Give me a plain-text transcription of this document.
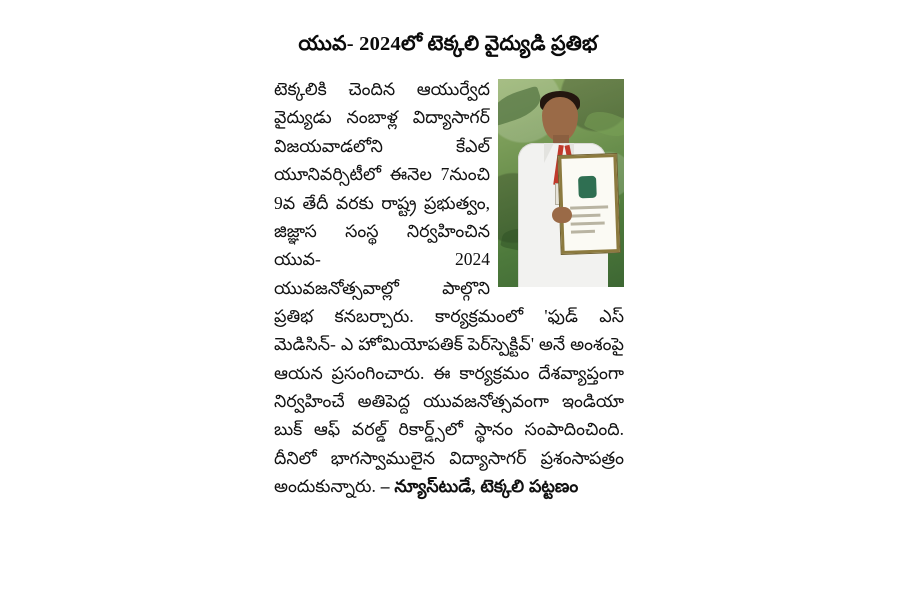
యువ- 2024లో టెక్కలి వైద్యుడి ప్రతిభ

టెక్కలికి చెందిన ఆయుర్వేద వైద్యుడు నంబాళ్ల విద్యాసాగర్ విజయవాడలోని కేఎల్ యూనివర్సిటీలో ఈనెల 7నుంచి 9వ తేదీ వరకు రాష్ట్ర ప్రభుత్వం, జిజ్ఞాస సంస్థ నిర్వహించిన యువ- 2024 యువజనోత్సవాల్లో పాల్గొని ప్రతిభ కనబర్చారు. కార్యక్రమంలో 'ఫుడ్‌ ఎస్‌ మెడిసిన్‌- ఎ హోమియోపతిక్‌ పెర్‌స్పెక్టివ్‌' అనే అంశంపై ఆయన ప్రసంగించారు. ఈ కార్యక్రమం దేశవ్యాప్తంగా నిర్వహించే అతిపెద్ద యువజనోత్సవంగా ఇండియా బుక్‌ ఆఫ్‌ వరల్డ్‌ రికార్డ్స్‌లో స్థానం సంపాదించింది. దీనిలో భాగస్వాములైన విద్యాసాగర్‌ ప్రశంసాపత్రం అందుకున్నారు. – న్యూస్‌టుడే, టెక్కలి పట్టణం
